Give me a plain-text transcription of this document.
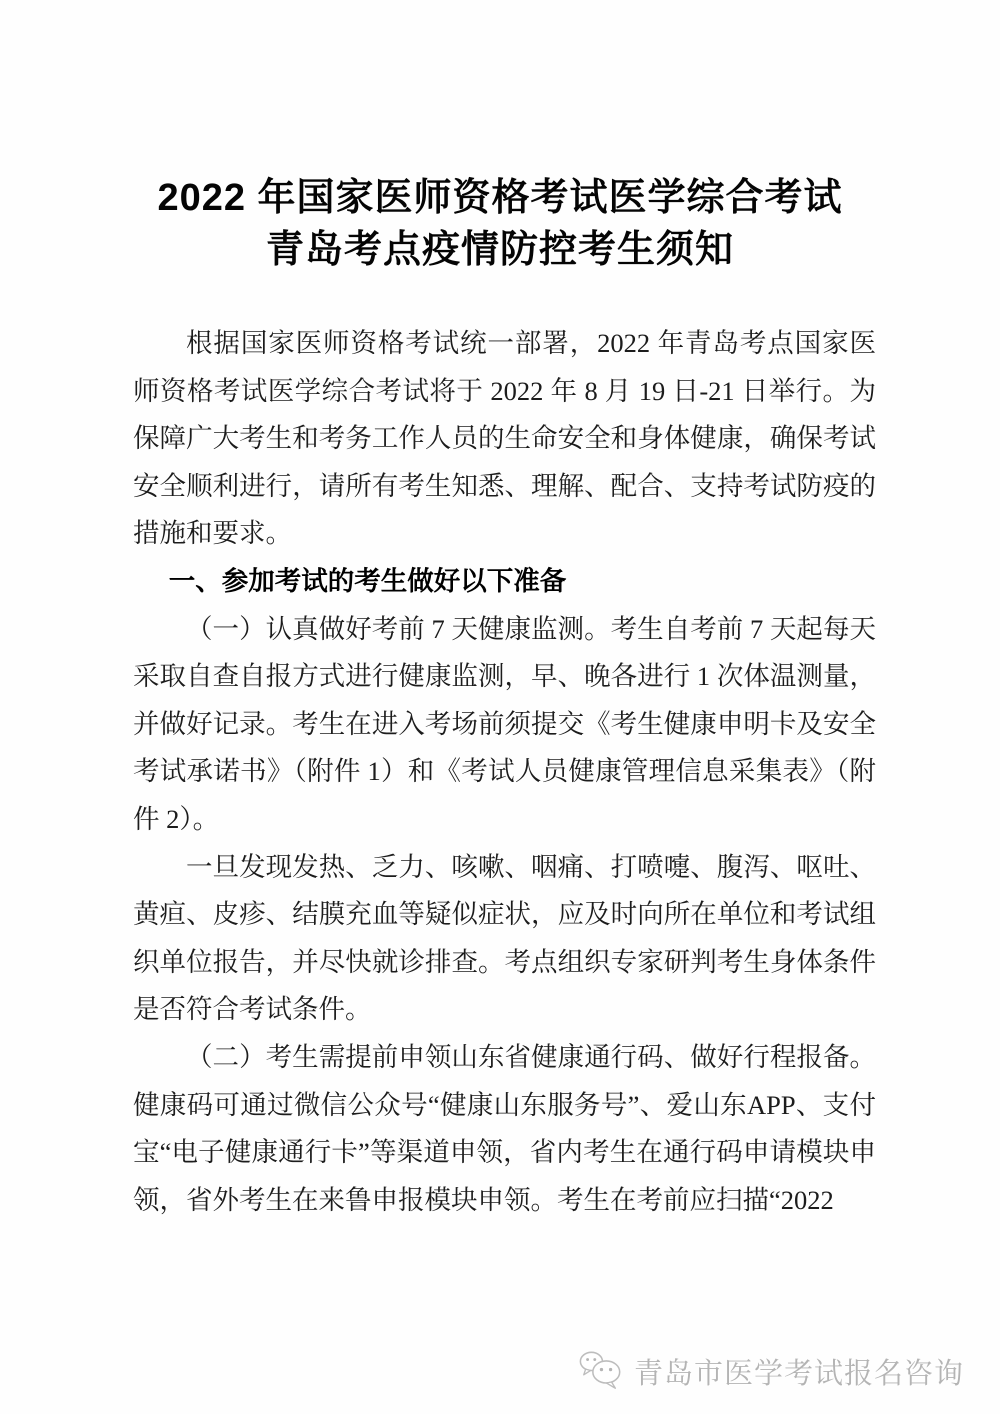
2022 年国家医师资格考试医学综合考试
青岛考点疫情防控考生须知

根据国家医师资格考试统一部署，2022 年青岛考点国家医师资格考试医学综合考试将于 2022 年 8 月 19 日-21 日举行。为保障广大考生和考务工作人员的生命安全和身体健康，确保考试安全顺利进行，请所有考生知悉、理解、配合、支持考试防疫的措施和要求。

一、参加考试的考生做好以下准备

（一）认真做好考前 7 天健康监测。考生自考前 7 天起每天采取自查自报方式进行健康监测，早、晚各进行 1 次体温测量，并做好记录。考生在进入考场前须提交《考生健康申明卡及安全考试承诺书》（附件 1）和《考试人员健康管理信息采集表》（附件 2）。

一旦发现发热、乏力、咳嗽、咽痛、打喷嚏、腹泻、呕吐、黄疸、皮疹、结膜充血等疑似症状，应及时向所在单位和考试组织单位报告，并尽快就诊排查。考点组织专家研判考生身体条件是否符合考试条件。

（二）考生需提前申领山东省健康通行码、做好行程报备。健康码可通过微信公众号“健康山东服务号”、爱山东APP、支付宝“电子健康通行卡”等渠道申领，省内考生在通行码申请模块申领，省外考生在来鲁申报模块申领。考生在考前应扫描“2022

青岛市医学考试报名咨询
